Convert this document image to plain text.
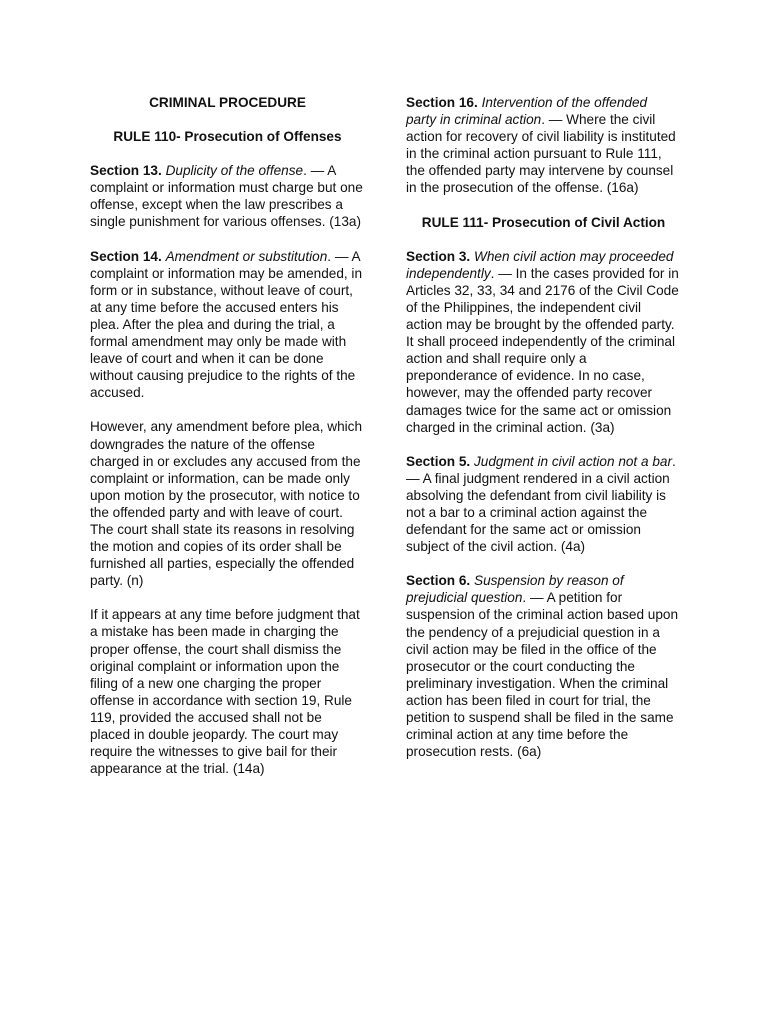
CRIMINAL PROCEDURE
RULE 110- Prosecution of Offenses

Section 13. Duplicity of the offense. — A complaint or information must charge but one offense, except when the law prescribes a single punishment for various offenses. (13a)

Section 14. Amendment or substitution. — A complaint or information may be amended, in form or in substance, without leave of court, at any time before the accused enters his plea. After the plea and during the trial, a formal amendment may only be made with leave of court and when it can be done without causing prejudice to the rights of the accused.

However, any amendment before plea, which downgrades the nature of the offense charged in or excludes any accused from the complaint or information, can be made only upon motion by the prosecutor, with notice to the offended party and with leave of court. The court shall state its reasons in resolving the motion and copies of its order shall be furnished all parties, especially the offended party. (n)

If it appears at any time before judgment that a mistake has been made in charging the proper offense, the court shall dismiss the original complaint or information upon the filing of a new one charging the proper offense in accordance with section 19, Rule 119, provided the accused shall not be placed in double jeopardy. The court may require the witnesses to give bail for their appearance at the trial. (14a)

Section 16. Intervention of the offended party in criminal action. — Where the civil action for recovery of civil liability is instituted in the criminal action pursuant to Rule 111, the offended party may intervene by counsel in the prosecution of the offense. (16a)

RULE 111- Prosecution of Civil Action

Section 3. When civil action may proceeded independently. — In the cases provided for in Articles 32, 33, 34 and 2176 of the Civil Code of the Philippines, the independent civil action may be brought by the offended party. It shall proceed independently of the criminal action and shall require only a preponderance of evidence. In no case, however, may the offended party recover damages twice for the same act or omission charged in the criminal action. (3a)

Section 5. Judgment in civil action not a bar. — A final judgment rendered in a civil action absolving the defendant from civil liability is not a bar to a criminal action against the defendant for the same act or omission subject of the civil action. (4a)

Section 6. Suspension by reason of prejudicial question. — A petition for suspension of the criminal action based upon the pendency of a prejudicial question in a civil action may be filed in the office of the prosecutor or the court conducting the preliminary investigation. When the criminal action has been filed in court for trial, the petition to suspend shall be filed in the same criminal action at any time before the prosecution rests. (6a)
